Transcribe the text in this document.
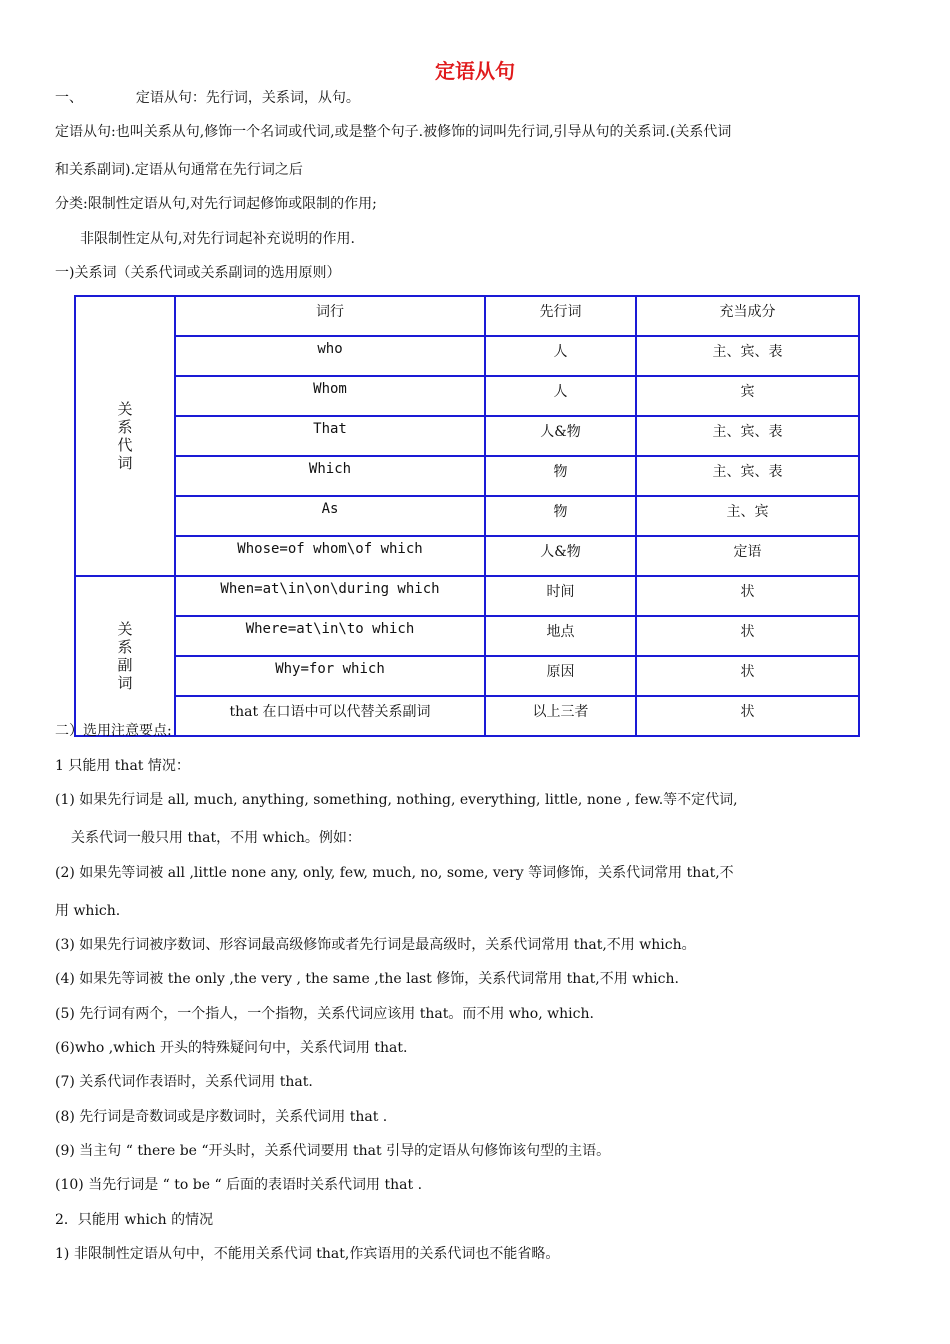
定语从句
一、	定语从句：先行词，关系词，从句。
定语从句:也叫关系从句,修饰一个名词或代词,或是整个句子.被修饰的词叫先行词,引导从句的关系词.(关系代词
和关系副词).定语从句通常在先行词之后
分类:限制性定语从句,对先行词起修饰或限制的作用;
非限制性定从句,对先行词起补充说明的作用.
一)关系词（关系代词或关系副词的选用原则）
关系代词	词行	先行词	充当成分
	who	人	主、宾、表
	Whom	人	宾
	That	人&物	主、宾、表
	Which	物	主、宾、表
	As	物	主、宾
	Whose=of whom\of which	人&物	定语
关系副词	When=at\in\on\during which	时间	状
	Where=at\in\to which	地点	状
	Why=for which	原因	状
	that 在口语中可以代替关系副词	以上三者	状
二）选用注意要点:
1 只能用 that 情况：
(1) 如果先行词是 all, much, anything, something, nothing, everything, little, none , few.等不定代词,
关系代词一般只用 that，不用 which。例如：
(2) 如果先等词被 all ,little none any, only, few, much, no, some, very 等词修饰，关系代词常用 that,不
用 which.
(3) 如果先行词被序数词、形容词最高级修饰或者先行词是最高级时，关系代词常用 that,不用 which。
(4) 如果先等词被 the only ,the very , the same ,the last 修饰，关系代词常用 that,不用 which.
(5) 先行词有两个，一个指人，一个指物，关系代词应该用 that。而不用 who, which.
(6)who ,which 开头的特殊疑问句中，关系代词用 that.
(7) 关系代词作表语时，关系代词用 that.
(8) 先行词是奇数词或是序数词时，关系代词用 that .
(9) 当主句 “ there be “开头时，关系代词要用 that 引导的定语从句修饰该句型的主语。
(10) 当先行词是 “ to be “ 后面的表语时关系代词用 that .
2．只能用 which 的情况
1) 非限制性定语从句中，不能用关系代词 that,作宾语用的关系代词也不能省略。
